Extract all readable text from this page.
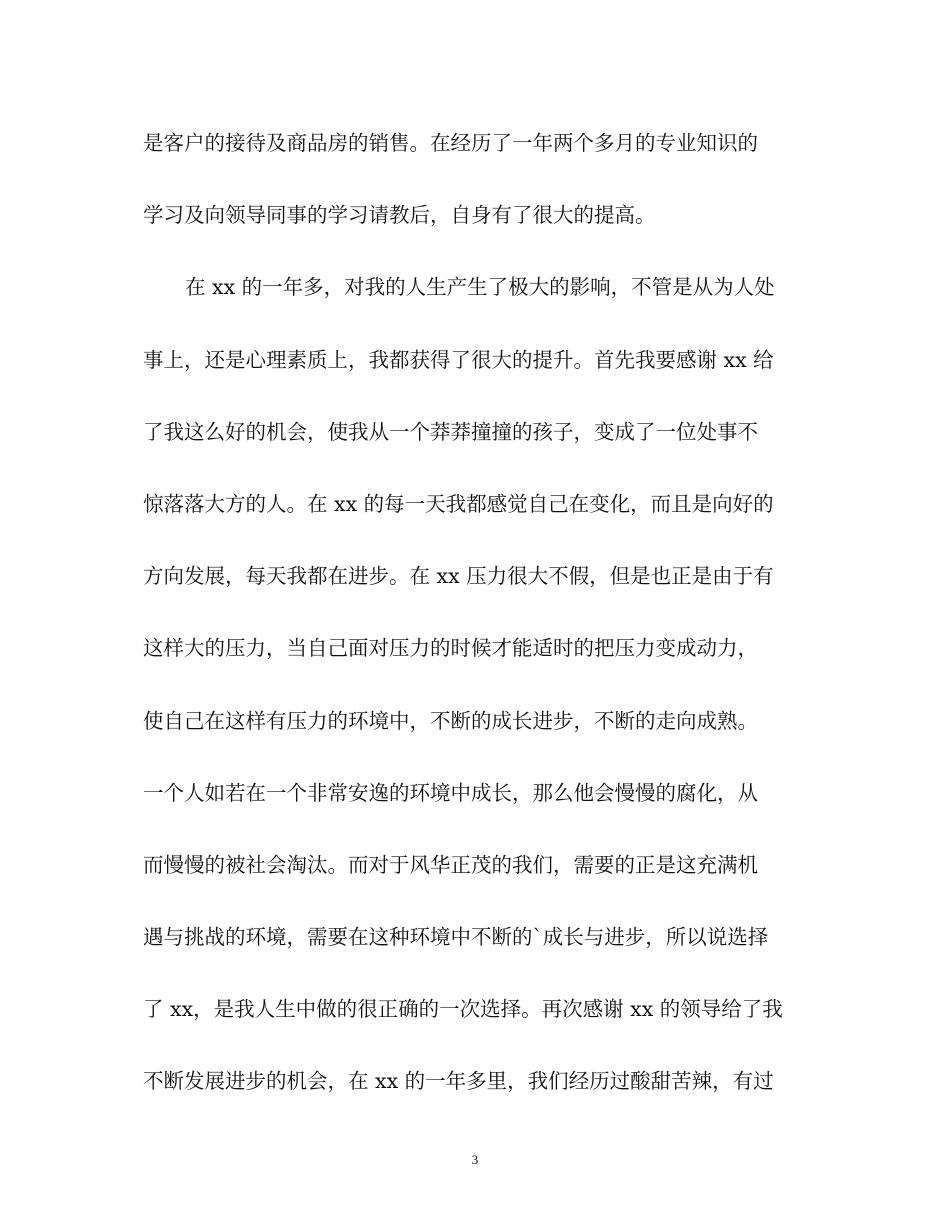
是客户的接待及商品房的销售。在经历了一年两个多月的专业知识的
学习及向领导同事的学习请教后，自身有了很大的提高。
在 xx 的一年多，对我的人生产生了极大的影响，不管是从为人处
事上，还是心理素质上，我都获得了很大的提升。首先我要感谢 xx 给
了我这么好的机会，使我从一个莽莽撞撞的孩子，变成了一位处事不
惊落落大方的人。在 xx 的每一天我都感觉自己在变化，而且是向好的
方向发展，每天我都在进步。在 xx 压力很大不假，但是也正是由于有
这样大的压力，当自己面对压力的时候才能适时的把压力变成动力，
使自己在这样有压力的环境中，不断的成长进步，不断的走向成熟。
一个人如若在一个非常安逸的环境中成长，那么他会慢慢的腐化，从
而慢慢的被社会淘汰。而对于风华正茂的我们，需要的正是这充满机
遇与挑战的环境，需要在这种环境中不断的`成长与进步，所以说选择
了 xx，是我人生中做的很正确的一次选择。再次感谢 xx 的领导给了我
不断发展进步的机会，在 xx 的一年多里，我们经历过酸甜苦辣，有过
3
